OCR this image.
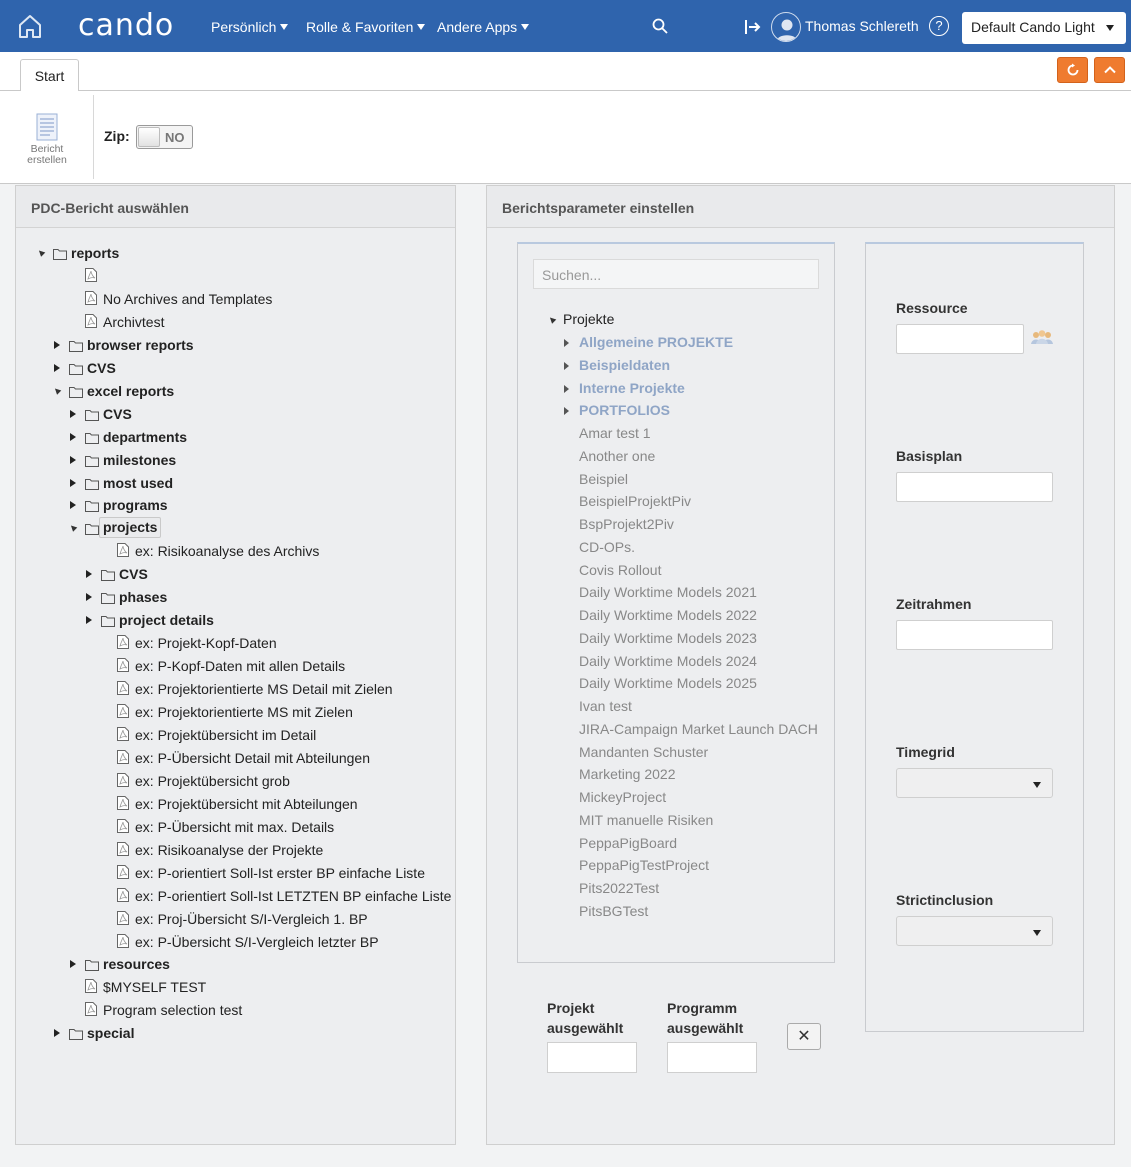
cando	Persönlich	Rolle & Favoriten	Andere Apps	Thomas Schlereth	?	Default Cando Light
Start
Bericht erstellen
Zip:	NO
PDC-Bericht auswählen
reports
No Archives and Templates
Archivtest
browser reports
CVS
excel reports
CVS
departments
milestones
most used
programs
projects
ex: Risikoanalyse des Archivs
CVS
phases
project details
ex: Projekt-Kopf-Daten
ex: P-Kopf-Daten mit allen Details
ex: Projektorientierte MS Detail mit Zielen
ex: Projektorientierte MS mit Zielen
ex: Projektübersicht im Detail
ex: P-Übersicht Detail mit Abteilungen
ex: Projektübersicht grob
ex: Projektübersicht mit Abteilungen
ex: P-Übersicht mit max. Details
ex: Risikoanalyse der Projekte
ex: P-orientiert Soll-Ist erster BP einfache Liste
ex: P-orientiert Soll-Ist LETZTEN BP einfache Liste
ex: Proj-Übersicht S/I-Vergleich 1. BP
ex: P-Übersicht S/I-Vergleich letzter BP
resources
$MYSELF TEST
Program selection test
special
Berichtsparameter einstellen
Suchen...
Projekte
Allgemeine PROJEKTE
Beispieldaten
Interne Projekte
PORTFOLIOS
Amar test 1
Another one
Beispiel
BeispielProjektPiv
BspProjekt2Piv
CD-OPs.
Covis Rollout
Daily Worktime Models 2021
Daily Worktime Models 2022
Daily Worktime Models 2023
Daily Worktime Models 2024
Daily Worktime Models 2025
Ivan test
JIRA-Campaign Market Launch DACH
Mandanten Schuster
Marketing 2022
MickeyProject
MIT manuelle Risiken
PeppaPigBoard
PeppaPigTestProject
Pits2022Test
PitsBGTest
Ressource
Basisplan
Zeitrahmen
Timegrid
Strictinclusion
Projekt
ausgewählt
Programm
ausgewählt	✕
